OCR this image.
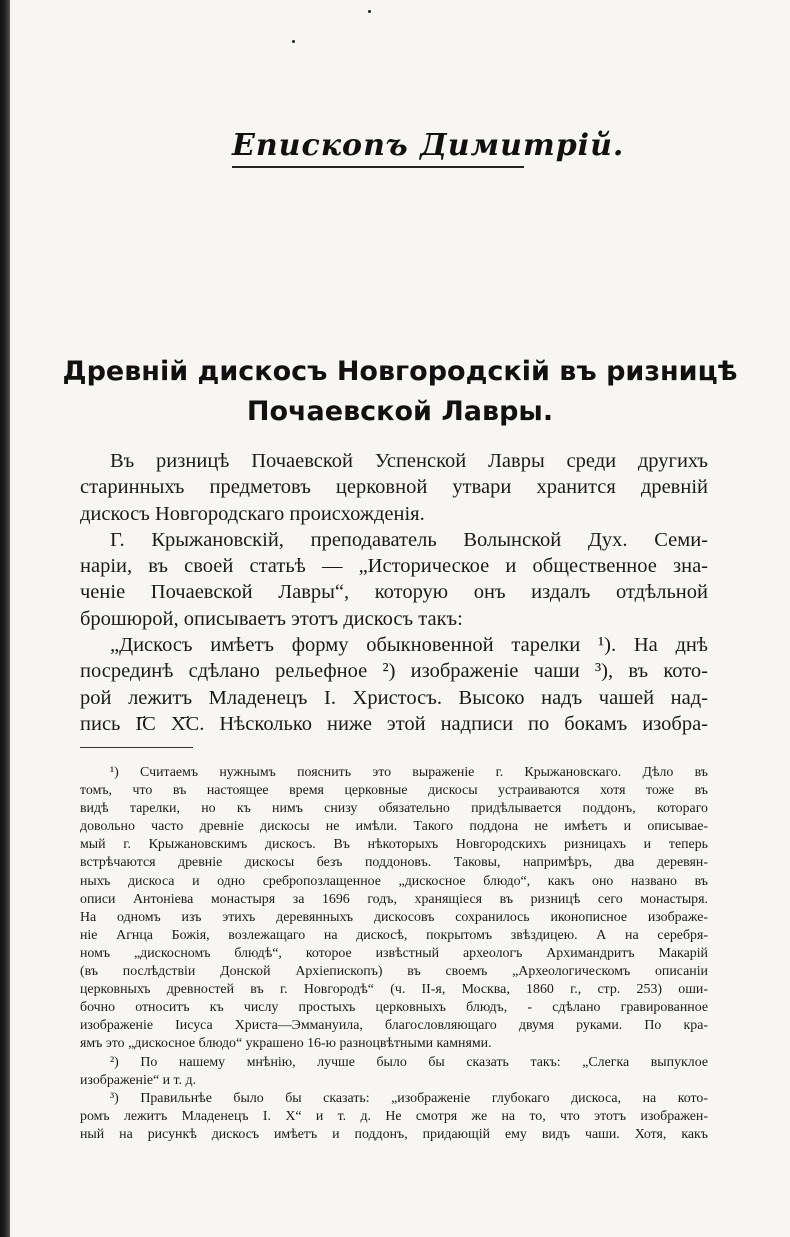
Епископъ Димитрій.
Древній дискосъ Новгородскій въ ризницѣ
Почаевской Лавры.
Въ ризницѣ Почаевской Успенской Лавры среди другихъ
старинныхъ предметовъ церковной утвари хранится древній
дискосъ Новгородскаго происхожденія.
Г. Крыжановскій, преподаватель Волынской Дух. Семи-
наріи, въ своей статьѣ — „Историческое и общественное зна-
ченіе Почаевской Лавры“, которую онъ издалъ отдѣльной
брошюрой, описываетъ этотъ дискосъ такъ:
„Дискосъ имѣетъ форму обыкновенной тарелки ¹). На днѣ
посрединѣ сдѣлано рельефное ²) изображеніе чаши ³), въ кото-
рой лежитъ Младенецъ І. Христосъ. Высоко надъ чашей над-
пись І҃С Х҃С. Нѣсколько ниже этой надписи по бокамъ изобра-
¹) Считаемъ нужнымъ пояснить это выраженіе г. Крыжановскаго. Дѣло въ
томъ, что въ настоящее время церковные дискосы устраиваются хотя тоже въ
видѣ тарелки, но къ нимъ снизу обязательно придѣлывается поддонъ, котораго
довольно часто древніе дискосы не имѣли. Такого поддона не имѣетъ и описывае-
мый г. Крыжановскимъ дискосъ. Въ нѣкоторыхъ Новгородскихъ ризницахъ и теперь
встрѣчаются древніе дискосы безъ поддоновъ. Таковы, напримѣръ, два деревян-
ныхъ дискоса и одно сребропозлащенное „дискосное блюдо“, какъ оно названо въ
описи Антоніева монастыря за 1696 годъ, хранящіеся въ ризницѣ сего монастыря.
На одномъ изъ этихъ деревянныхъ дискосовъ сохранилось иконописное изображе-
ніе Агнца Божія, возлежащаго на дискосѣ, покрытомъ звѣздицею. А на серебря-
номъ „дискосномъ блюдѣ“, которое извѣстный археологъ Архимандритъ Макарій
(въ послѣдствіи Донской Архіепископъ) въ своемъ „Археологическомъ описаніи
церковныхъ древностей въ г. Новгородѣ“ (ч. II-я, Москва, 1860 г., стр. 253) оши-
бочно относитъ къ числу простыхъ церковныхъ блюдъ, - сдѣлано гравированное
изображеніе Іисуса Христа—Эммануила, благословляющаго двумя руками. По кра-
ямъ это „дискосное блюдо“ украшено 16-ю разноцвѣтными камнями.
²) По нашему мнѣнію, лучше было бы сказать такъ: „Слегка выпуклое
изображеніе“ и т. д.
³) Правильнѣе было бы сказать: „изображеніе глубокаго дискоса, на кото-
ромъ лежитъ Младенецъ І. Х“ и т. д. Не смотря же на то, что этотъ изображен-
ный на рисункѣ дискосъ имѣетъ и поддонъ, придающій ему видъ чаши. Хотя, какъ
